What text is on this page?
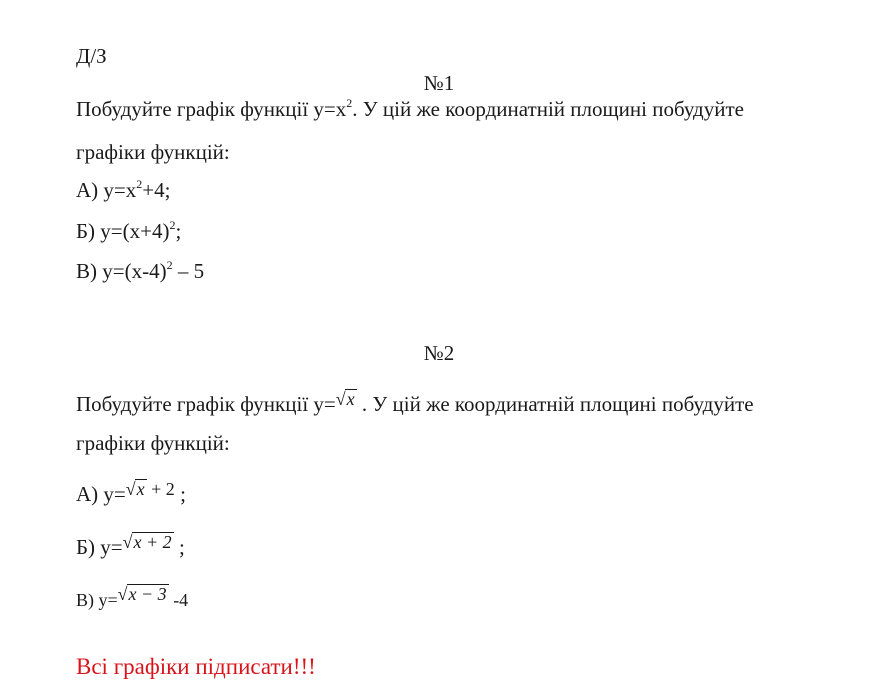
Д/З
№1
Побудуйте графік функції $y=x^2$. У цій же координатній площині побудуйте
графіки функцій:
А) $y=x^2+4$;
Б) $y=(x+4)^2$;
В) $y=(x-4)^2 - 5$
№2
Побудуйте графік функції y=√x . У цій же координатній площині побудуйте
графіки функцій:
А) y=√x + 2 ;
Б) y=√x + 2 ;
В) y=√x − 3 -4
Всі графіки підписати!!!
